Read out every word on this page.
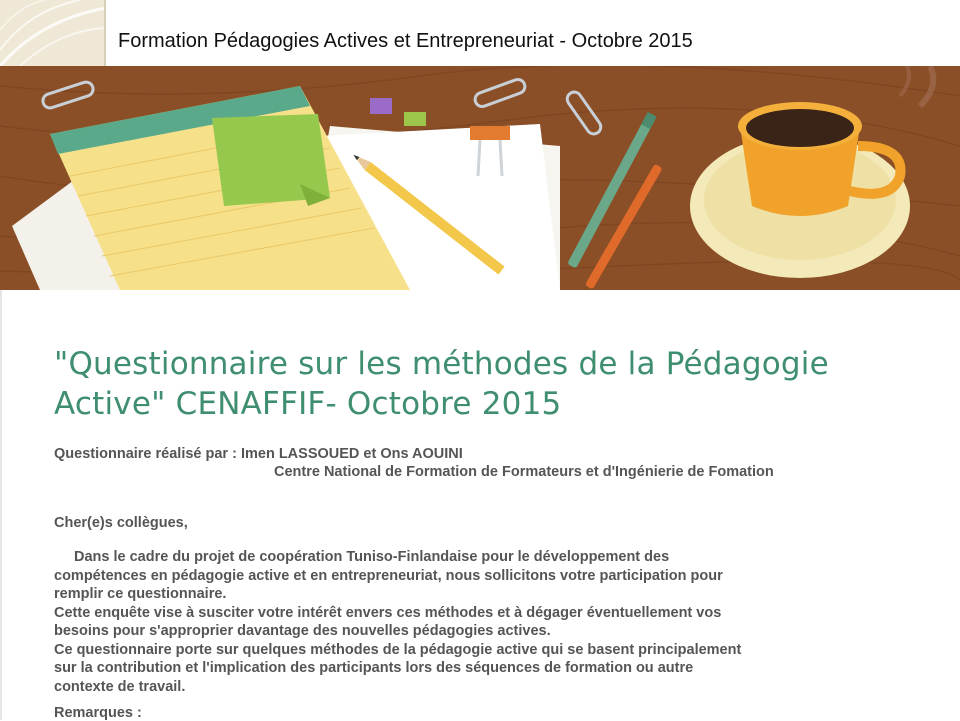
Formation Pédagogies Actives et Entrepreneuriat - Octobre 2015
"Questionnaire sur les méthodes de la Pédagogie
Active" CENAFFIF- Octobre 2015
Questionnaire réalisé par : Imen LASSOUED et Ons AOUINI
Centre National de Formation de Formateurs et d'Ingénierie de Fomation
Cher(e)s collègues,
Dans le cadre du projet de coopération Tuniso-Finlandaise pour le développement des
compétences en pédagogie active et en entrepreneuriat, nous sollicitons votre participation pour
remplir ce questionnaire.
Cette enquête vise à susciter votre intérêt envers ces méthodes et à dégager éventuellement vos
besoins pour s'approprier davantage des nouvelles pédagogies actives.
Ce questionnaire porte sur quelques méthodes de la pédagogie active qui se basent principalement
sur la contribution et l'implication des participants lors des séquences de formation ou autre
contexte de travail.
Remarques :
